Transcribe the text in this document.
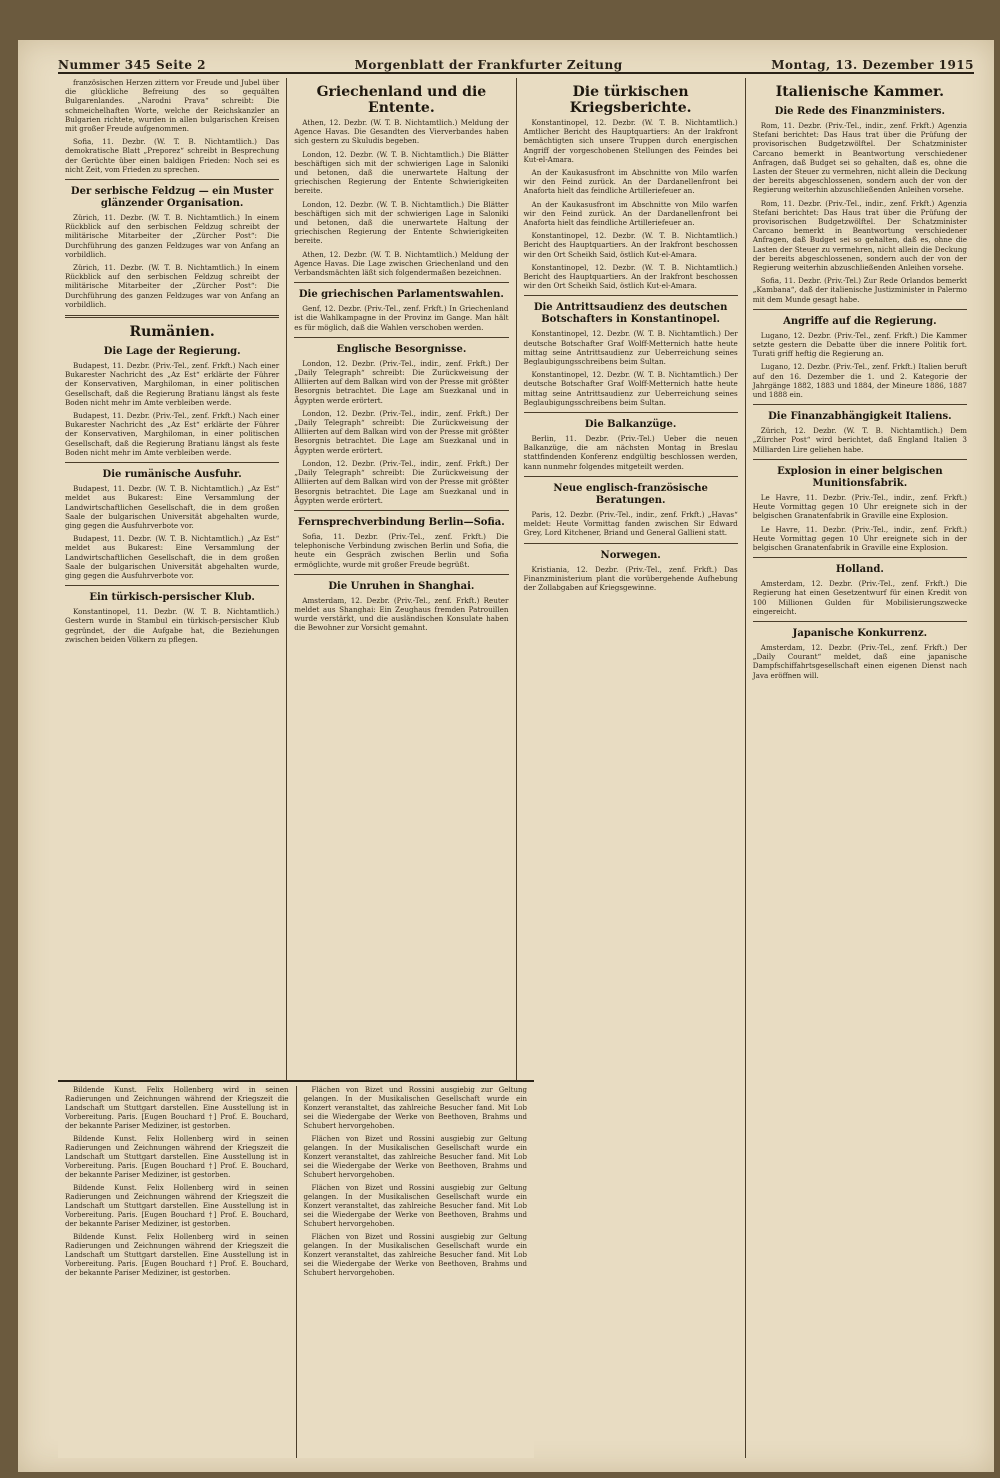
Nummer 345 Seite 2	Morgenblatt der Frankfurter Zeitung	Montag, 13. Dezember 1915

französischen Herzen zittern vor Freude und Jubel über die glückliche Befreiung des so gequälten Bulgarenlandes. „Narodni Prava“ schreibt: Die schmeichelhaften Worte, welche der Reichskanzler an Bulgarien richtete, wurden in allen bulgarischen Kreisen mit großer Freude aufgenommen.

Sofia, 11. Dezbr. (W. T. B. Nichtamtlich.) Das demokratische Blatt „Preporez“ schreibt in Besprechung der Gerüchte über einen baldigen Frieden: Noch sei es nicht Zeit, vom Frieden zu sprechen.

Der serbische Feldzug — ein Muster glänzender Organisation.

Zürich, 11. Dezbr. (W. T. B. Nichtamtlich.) In einem Rückblick auf den serbischen Feldzug schreibt der militärische Mitarbeiter der „Zürcher Post“: Die Durchführung des ganzen Feldzuges war von Anfang an vorbildlich.

Zürich, 11. Dezbr. (W. T. B. Nichtamtlich.) In einem Rückblick auf den serbischen Feldzug schreibt der militärische Mitarbeiter der „Zürcher Post“: Die Durchführung des ganzen Feldzuges war von Anfang an vorbildlich.

Rumänien.
Die Lage der Regierung.

Budapest, 11. Dezbr. (Priv.-Tel., zenf. Frkft.) Nach einer Bukarester Nachricht des „Az Est“ erklärte der Führer der Konservativen, Marghiloman, in einer politischen Gesellschaft, daß die Regierung Bratianu längst als feste Boden nicht mehr im Amte verbleiben werde.

Budapest, 11. Dezbr. (Priv.-Tel., zenf. Frkft.) Nach einer Bukarester Nachricht des „Az Est“ erklärte der Führer der Konservativen, Marghiloman, in einer politischen Gesellschaft, daß die Regierung Bratianu längst als feste Boden nicht mehr im Amte verbleiben werde.

Die rumänische Ausfuhr.

Budapest, 11. Dezbr. (W. T. B. Nichtamtlich.) „Az Est“ meldet aus Bukarest: Eine Versammlung der Landwirtschaftlichen Gesellschaft, die in dem großen Saale der bulgarischen Universität abgehalten wurde, ging gegen die Ausfuhrverbote vor.

Budapest, 11. Dezbr. (W. T. B. Nichtamtlich.) „Az Est“ meldet aus Bukarest: Eine Versammlung der Landwirtschaftlichen Gesellschaft, die in dem großen Saale der bulgarischen Universität abgehalten wurde, ging gegen die Ausfuhrverbote vor.

Ein türkisch-persischer Klub.

Konstantinopel, 11. Dezbr. (W. T. B. Nichtamtlich.) Gestern wurde in Stambul ein türkisch-persischer Klub gegründet, der die Aufgabe hat, die Beziehungen zwischen beiden Völkern zu pflegen.

Griechenland und die Entente.

Athen, 12. Dezbr. (W. T. B. Nichtamtlich.) Meldung der Agence Havas. Die Gesandten des Vierverbandes haben sich gestern zu Skuludis begeben.

London, 12. Dezbr. (W. T. B. Nichtamtlich.) Die Blätter beschäftigen sich mit der schwierigen Lage in Saloniki und betonen, daß die unerwartete Haltung der griechischen Regierung der Entente Schwierigkeiten bereite.

London, 12. Dezbr. (W. T. B. Nichtamtlich.) Die Blätter beschäftigen sich mit der schwierigen Lage in Saloniki und betonen, daß die unerwartete Haltung der griechischen Regierung der Entente Schwierigkeiten bereite.

Athen, 12. Dezbr. (W. T. B. Nichtamtlich.) Meldung der Agence Havas. Die Lage zwischen Griechenland und den Verbandsmächten läßt sich folgendermaßen bezeichnen.

Die griechischen Parlamentswahlen.

Genf, 12. Dezbr. (Priv.-Tel., zenf. Frkft.) In Griechenland ist die Wahlkampagne in der Provinz im Gange. Man hält es für möglich, daß die Wahlen verschoben werden.

Englische Besorgnisse.

London, 12. Dezbr. (Priv.-Tel., indir., zenf. Frkft.) Der „Daily Telegraph“ schreibt: Die Zurückweisung der Alliierten auf dem Balkan wird von der Presse mit größter Besorgnis betrachtet. Die Lage am Suezkanal und in Ägypten werde erörtert.

London, 12. Dezbr. (Priv.-Tel., indir., zenf. Frkft.) Der „Daily Telegraph“ schreibt: Die Zurückweisung der Alliierten auf dem Balkan wird von der Presse mit größter Besorgnis betrachtet. Die Lage am Suezkanal und in Ägypten werde erörtert.

London, 12. Dezbr. (Priv.-Tel., indir., zenf. Frkft.) Der „Daily Telegraph“ schreibt: Die Zurückweisung der Alliierten auf dem Balkan wird von der Presse mit größter Besorgnis betrachtet. Die Lage am Suezkanal und in Ägypten werde erörtert.

Fernsprechverbindung Berlin—Sofia.

Sofia, 11. Dezbr. (Priv.-Tel., zenf. Frkft.) Die telephonische Verbindung zwischen Berlin und Sofia, die heute ein Gespräch zwischen Berlin und Sofia ermöglichte, wurde mit großer Freude begrüßt.

Die Unruhen in Shanghai.

Amsterdam, 12. Dezbr. (Priv.-Tel., zenf. Frkft.) Reuter meldet aus Shanghai: Ein Zeughaus fremden Patrouillen wurde verstärkt, und die ausländischen Konsulate haben die Bewohner zur Vorsicht gemahnt.

Die türkischen Kriegsberichte.

Konstantinopel, 12. Dezbr. (W. T. B. Nichtamtlich.) Amtlicher Bericht des Hauptquartiers: An der Irakfront bemächtigten sich unsere Truppen durch energischen Angriff der vorgeschobenen Stellungen des Feindes bei Kut-el-Amara.

An der Kaukasusfront im Abschnitte von Milo warfen wir den Feind zurück. An der Dardanellenfront bei Anaforta hielt das feindliche Artilleriefeuer an.

An der Kaukasusfront im Abschnitte von Milo warfen wir den Feind zurück. An der Dardanellenfront bei Anaforta hielt das feindliche Artilleriefeuer an.

Konstantinopel, 12. Dezbr. (W. T. B. Nichtamtlich.) Bericht des Hauptquartiers. An der Irakfront beschossen wir den Ort Scheikh Said, östlich Kut-el-Amara.

Konstantinopel, 12. Dezbr. (W. T. B. Nichtamtlich.) Bericht des Hauptquartiers. An der Irakfront beschossen wir den Ort Scheikh Said, östlich Kut-el-Amara.

Die Antrittsaudienz des deutschen Botschafters in Konstantinopel.

Konstantinopel, 12. Dezbr. (W. T. B. Nichtamtlich.) Der deutsche Botschafter Graf Wolff-Metternich hatte heute mittag seine Antrittsaudienz zur Ueberreichung seines Beglaubigungsschreibens beim Sultan.

Konstantinopel, 12. Dezbr. (W. T. B. Nichtamtlich.) Der deutsche Botschafter Graf Wolff-Metternich hatte heute mittag seine Antrittsaudienz zur Ueberreichung seines Beglaubigungsschreibens beim Sultan.

Die Balkanzüge.

Berlin, 11. Dezbr. (Priv.-Tel.) Ueber die neuen Balkanzüge, die am nächsten Montag in Breslau stattfindenden Konferenz endgültig beschlossen werden, kann nunmehr folgendes mitgeteilt werden.

Neue englisch-französische Beratungen.

Paris, 12. Dezbr. (Priv.-Tel., indir., zenf. Frkft.) „Havas“ meldet: Heute Vormittag fanden zwischen Sir Edward Grey, Lord Kitchener, Briand und General Gallieni statt.

Norwegen.

Kristiania, 12. Dezbr. (Priv.-Tel., zenf. Frkft.) Das Finanzministerium plant die vorübergehende Aufhebung der Zollabgaben auf Kriegsgewinne.

Italienische Kammer.
Die Rede des Finanzministers.

Rom, 11. Dezbr. (Priv.-Tel., indir., zenf. Frkft.) Agenzia Stefani berichtet: Das Haus trat über die Prüfung der provisorischen Budgetzwölftel. Der Schatzminister Carcano bemerkt in Beantwortung verschiedener Anfragen, daß Budget sei so gehalten, daß es, ohne die Lasten der Steuer zu vermehren, nicht allein die Deckung der bereits abgeschlossenen, sondern auch der von der Regierung weiterhin abzuschließenden Anleihen vorsehe.

Rom, 11. Dezbr. (Priv.-Tel., indir., zenf. Frkft.) Agenzia Stefani berichtet: Das Haus trat über die Prüfung der provisorischen Budgetzwölftel. Der Schatzminister Carcano bemerkt in Beantwortung verschiedener Anfragen, daß Budget sei so gehalten, daß es, ohne die Lasten der Steuer zu vermehren, nicht allein die Deckung der bereits abgeschlossenen, sondern auch der von der Regierung weiterhin abzuschließenden Anleihen vorsehe.

Sofia, 11. Dezbr. (Priv.-Tel.) Zur Rede Orlandos bemerkt „Kambana“, daß der italienische Justizminister in Palermo mit dem Munde gesagt habe.

Angriffe auf die Regierung.

Lugano, 12. Dezbr. (Priv.-Tel., zenf. Frkft.) Die Kammer setzte gestern die Debatte über die innere Politik fort. Turati griff heftig die Regierung an.

Lugano, 12. Dezbr. (Priv.-Tel., zenf. Frkft.) Italien beruft auf den 16. Dezember die 1. und 2. Kategorie der Jahrgänge 1882, 1883 und 1884, der Mineure 1886, 1887 und 1888 ein.

Die Finanzabhängigkeit Italiens.

Zürich, 12. Dezbr. (W. T. B. Nichtamtlich.) Dem „Zürcher Post“ wird berichtet, daß England Italien 3 Milliarden Lire geliehen habe.

Explosion in einer belgischen Munitionsfabrik.

Le Havre, 11. Dezbr. (Priv.-Tel., indir., zenf. Frkft.) Heute Vormittag gegen 10 Uhr ereignete sich in der belgischen Granatenfabrik in Graville eine Explosion.

Le Havre, 11. Dezbr. (Priv.-Tel., indir., zenf. Frkft.) Heute Vormittag gegen 10 Uhr ereignete sich in der belgischen Granatenfabrik in Graville eine Explosion.

Holland.

Amsterdam, 12. Dezbr. (Priv.-Tel., zenf. Frkft.) Die Regierung hat einen Gesetzentwurf für einen Kredit von 100 Millionen Gulden für Mobilisierungszwecke eingereicht.

Japanische Konkurrenz.

Amsterdam, 12. Dezbr. (Priv.-Tel., zenf. Frkft.) Der „Daily Courant“ meldet, daß eine japanische Dampfschiffahrtsgesellschaft einen eigenen Dienst nach Java eröffnen will.

Bildende Kunst. Felix Hollenberg wird in seinen Radierungen und Zeichnungen während der Kriegszeit die Landschaft um Stuttgart darstellen. Eine Ausstellung ist in Vorbereitung. Paris. [Eugen Bouchard †] Prof. E. Bouchard, der bekannte Pariser Mediziner, ist gestorben.

Bildende Kunst. Felix Hollenberg wird in seinen Radierungen und Zeichnungen während der Kriegszeit die Landschaft um Stuttgart darstellen. Eine Ausstellung ist in Vorbereitung. Paris. [Eugen Bouchard †] Prof. E. Bouchard, der bekannte Pariser Mediziner, ist gestorben.

Bildende Kunst. Felix Hollenberg wird in seinen Radierungen und Zeichnungen während der Kriegszeit die Landschaft um Stuttgart darstellen. Eine Ausstellung ist in Vorbereitung. Paris. [Eugen Bouchard †] Prof. E. Bouchard, der bekannte Pariser Mediziner, ist gestorben.

Bildende Kunst. Felix Hollenberg wird in seinen Radierungen und Zeichnungen während der Kriegszeit die Landschaft um Stuttgart darstellen. Eine Ausstellung ist in Vorbereitung. Paris. [Eugen Bouchard †] Prof. E. Bouchard, der bekannte Pariser Mediziner, ist gestorben.

Flächen von Bizet und Rossini ausgiebig zur Geltung gelangen. In der Musikalischen Gesellschaft wurde ein Konzert veranstaltet, das zahlreiche Besucher fand. Mit Lob sei die Wiedergabe der Werke von Beethoven, Brahms und Schubert hervorgehoben.

Flächen von Bizet und Rossini ausgiebig zur Geltung gelangen. In der Musikalischen Gesellschaft wurde ein Konzert veranstaltet, das zahlreiche Besucher fand. Mit Lob sei die Wiedergabe der Werke von Beethoven, Brahms und Schubert hervorgehoben.

Flächen von Bizet und Rossini ausgiebig zur Geltung gelangen. In der Musikalischen Gesellschaft wurde ein Konzert veranstaltet, das zahlreiche Besucher fand. Mit Lob sei die Wiedergabe der Werke von Beethoven, Brahms und Schubert hervorgehoben.

Flächen von Bizet und Rossini ausgiebig zur Geltung gelangen. In der Musikalischen Gesellschaft wurde ein Konzert veranstaltet, das zahlreiche Besucher fand. Mit Lob sei die Wiedergabe der Werke von Beethoven, Brahms und Schubert hervorgehoben.
